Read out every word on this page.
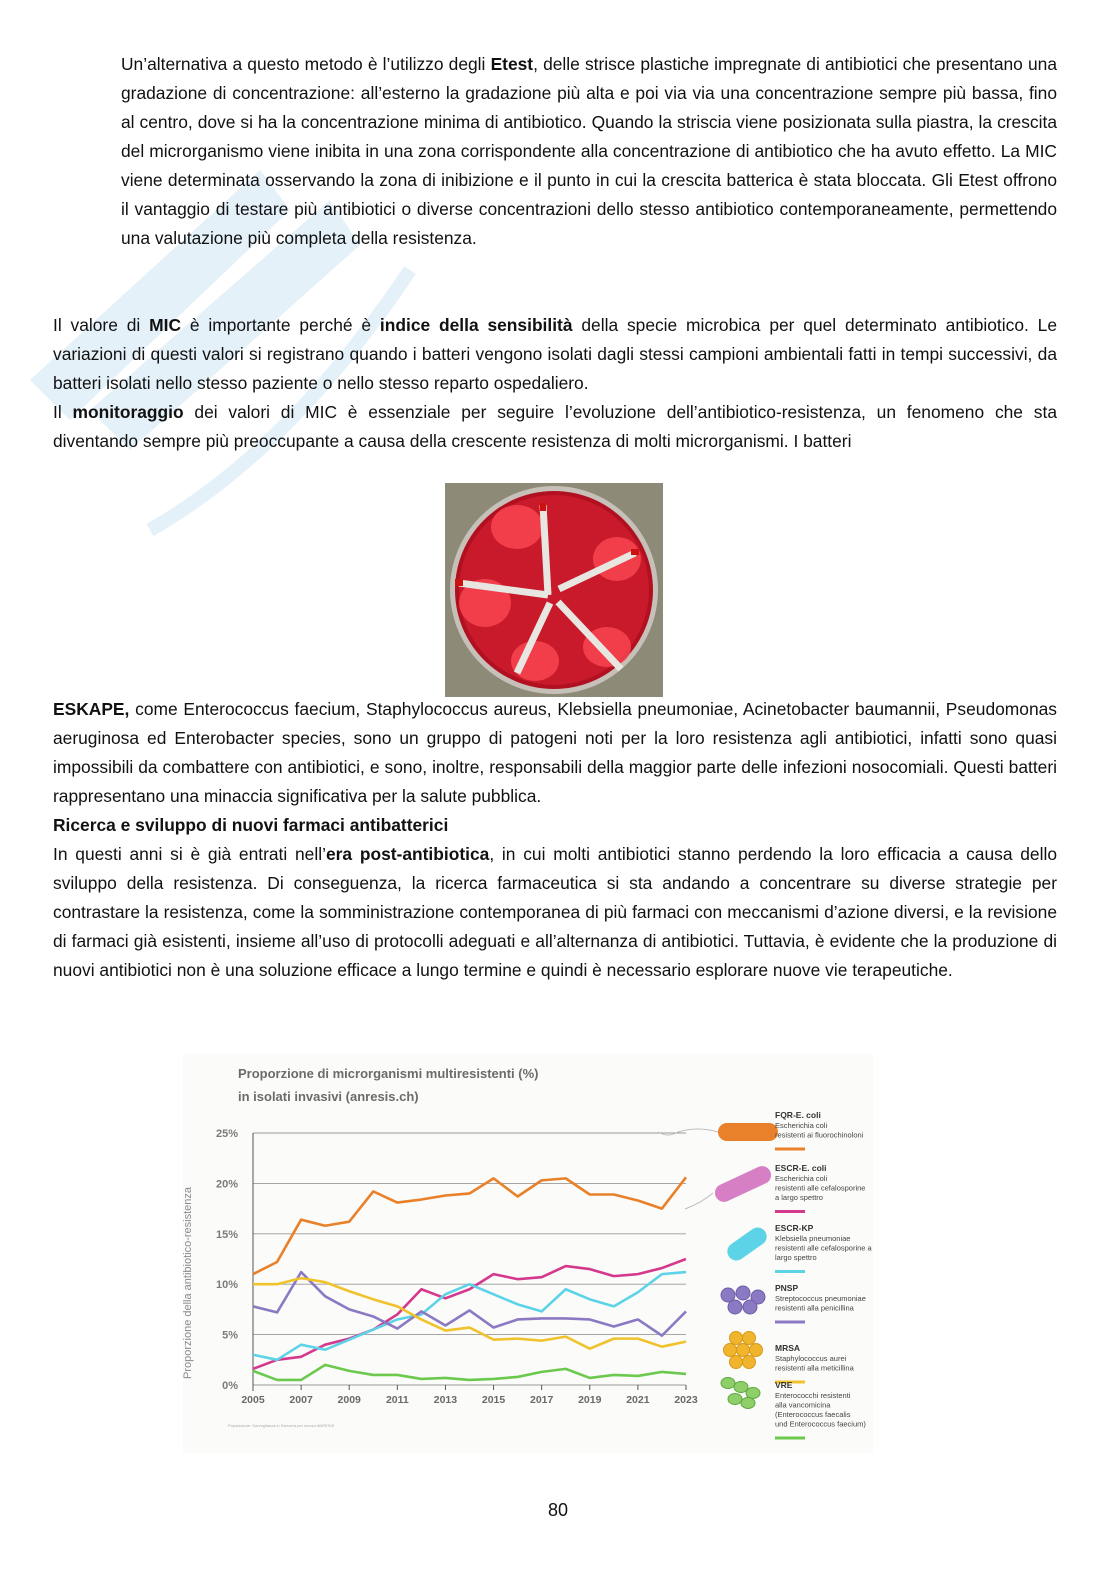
Un’alternativa a questo metodo è l’utilizzo degli Etest, delle strisce plastiche impregnate di antibiotici che presentano una gradazione di concentrazione: all’esterno la gradazione più alta e poi via via una concentrazione sempre più bassa, fino al centro, dove si ha la concentrazione minima di antibiotico. Quando la striscia viene posizionata sulla piastra, la crescita del microrganismo viene inibita in una zona corrispondente alla concentrazione di antibiotico che ha avuto effetto. La MIC viene determinata osservando la zona di inibizione e il punto in cui la crescita batterica è stata bloccata. Gli Etest offrono il vantaggio di testare più antibiotici o diverse concentrazioni dello stesso antibiotico contemporaneamente, permettendo una valutazione più completa della resistenza.

Il valore di MIC è importante perché è indice della sensibilità della specie microbica per quel determinato antibiotico. Le variazioni di questi valori si registrano quando i batteri vengono isolati dagli stessi campioni ambientali fatti in tempi successivi, da batteri isolati nello stesso paziente o nello stesso reparto ospedaliero.

Il monitoraggio dei valori di MIC è essenziale per seguire l’evoluzione dell’antibiotico-resistenza, un fenomeno che sta diventando sempre più preoccupante a causa della crescente resistenza di molti microrganismi. I batteri

ESKAPE, come Enterococcus faecium, Staphylococcus aureus, Klebsiella pneumoniae, Acinetobacter baumannii, Pseudomonas aeruginosa ed Enterobacter species, sono un gruppo di patogeni noti per la loro resistenza agli antibiotici, infatti sono quasi impossibili da combattere con antibiotici, e sono, inoltre, responsabili della maggior parte delle infezioni nosocomiali. Questi batteri rappresentano una minaccia significativa per la salute pubblica.

Ricerca e sviluppo di nuovi farmaci antibatterici

In questi anni si è già entrati nell’era post-antibiotica, in cui molti antibiotici stanno perdendo la loro efficacia a causa dello sviluppo della resistenza. Di conseguenza, la ricerca farmaceutica si sta andando a concentrare su diverse strategie per contrastare la resistenza, come la somministrazione contemporanea di più farmaci con meccanismi d’azione diversi, e la revisione di farmaci già esistenti, insieme all’uso di protocolli adeguati e all’alternanza di antibiotici. Tuttavia, è evidente che la produzione di nuovi antibiotici non è una soluzione efficace a lungo termine e quindi è necessario esplorare nuove vie terapeutiche.

Proporzione di microrganismi multiresistenti (%)
in isolati invasivi (anresis.ch)
Proporzione della antibiotico-resistenza
Popolazione: Sorveglianza in Svizzera per mezzo ANRESIS
0%
5%
10%
15%
20%
25%
2005 2007 2009 2011 2013 2015 2017 2019 2021 2023
FQR-E. coli
Escherichia coli
resistenti ai fluorochinoloni
ESCR-E. coli
Escherichia coli
resistenti alle cefalosporine
a largo spettro
ESCR-KP
Klebsiella pneumoniae
resistenti alle cefalosporine a
largo spettro
PNSP
Streptococcus pneumoniae
resistenti alla penicillina
MRSA
Staphylococcus aurei
resistenti alla meticillina
VRE
Enterococchi resistenti
alla vancomicina
(Enterococcus faecalis
und Enterococcus faecium)
80
